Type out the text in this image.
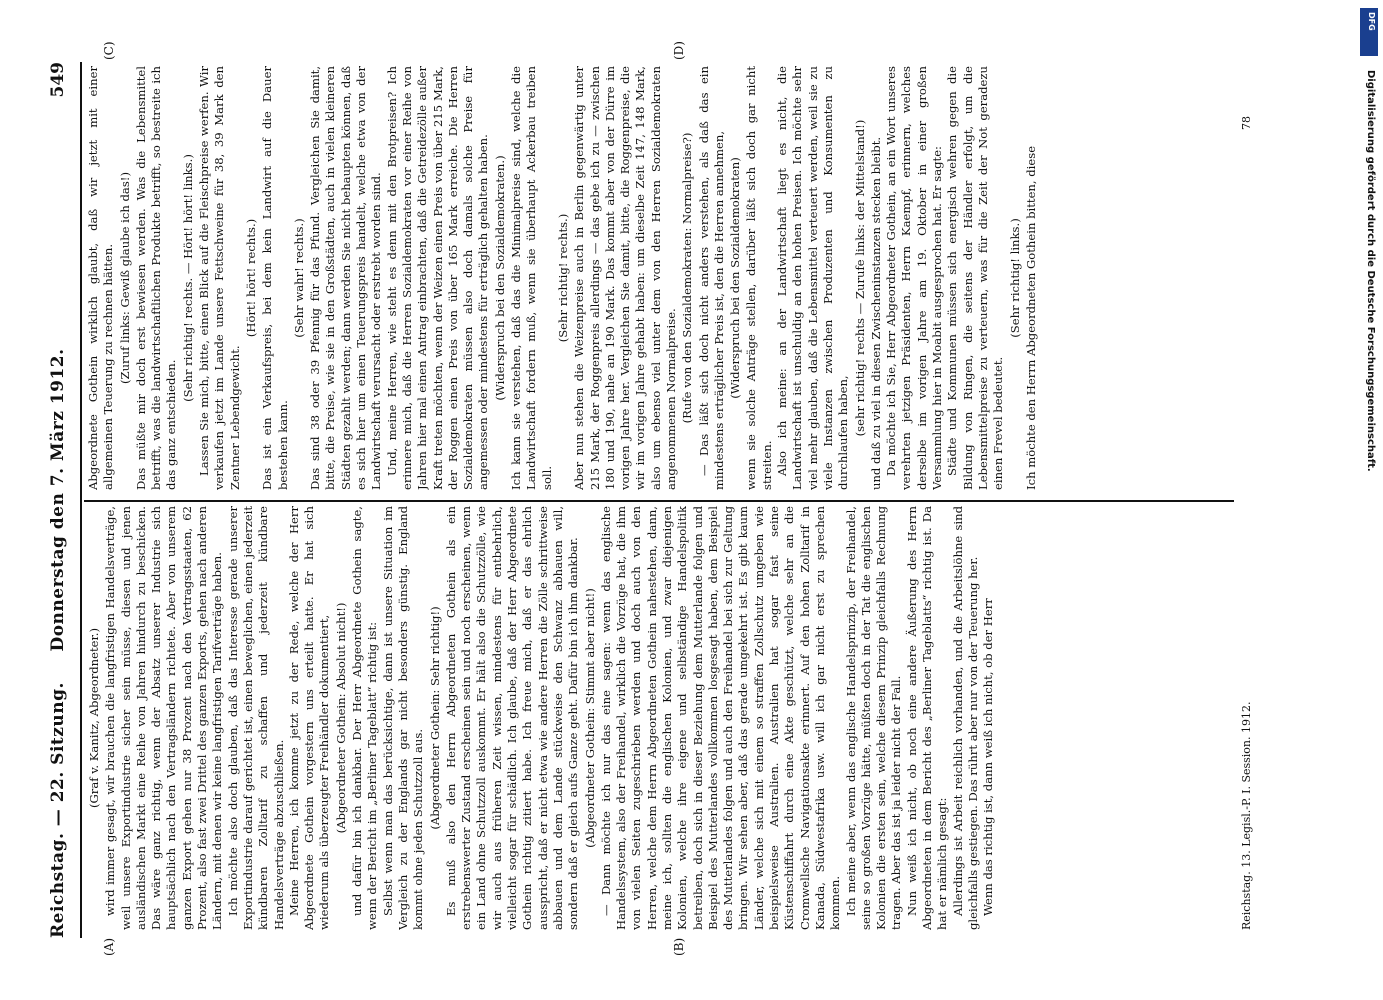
Reichstag. — 22. Sitzung.
Donnerstag den 7. März 1912.
549
(A)	(B)
(C)	(D)

(Graf v. Kanitz, Abgeordneter.) wird immer gesagt, wir brauchen die langfristigen Handelsverträge, weil unsere Exportindustrie sicher sein müsse, diesen und jenen ausländischen Markt eine Reihe von Jahren hindurch zu beschicken. Das wäre ganz richtig, wenn der Absatz unserer Industrie sich hauptsächlich nach den Vertragsländern richtete. Aber von unserem ganzen Export gehen nur 38 Prozent nach den Vertragsstaaten, 62 Prozent, also fast zwei Drittel des ganzen Exports, gehen nach anderen Ländern, mit denen wir keine langfristigen Tarifverträge haben. Ich möchte also doch glauben, daß das Interesse gerade unserer Exportindustrie darauf gerichtet ist, einen beweglichen, einen jederzeit kündbaren Zolltarif zu schaffen und jederzeit kündbare Handelsverträge abzuschließen. Meine Herren, ich komme jetzt zu der Rede, welche der Herr Abgeordnete Gothein vorgestern uns erteilt hatte. Er hat sich wiederum als überzeugter Freihändler dokumentiert, (Abgeordneter Gothein: Absolut nicht!) und dafür bin ich dankbar. Der Herr Abgeordnete Gothein sagte, wenn der Bericht im „Berliner Tageblatt“ richtig ist: Selbst wenn man das berücksichtige, dann ist unsere Situation im Vergleich zu der Englands gar nicht besonders günstig. England kommt ohne jeden Schutzzoll aus. (Abgeordneter Gothein: Sehr richtig!) Es muß also den Herrn Abgeordneten Gothein als ein erstrebenswerter Zustand erscheinen sein und noch erscheinen, wenn ein Land ohne Schutzzoll auskommt. Er hält also die Schutzzölle, wie wir auch aus früheren Zeit wissen, mindestens für entbehrlich, vielleicht sogar für schädlich. Ich glaube, daß der Herr Abgeordnete Gothein richtig zitiert habe. Ich freue mich, daß er das ehrlich ausspricht, daß er nicht etwa wie andere Herren die Zölle schrittweise abbauen und dem Lande stückweise den Schwanz abhauen will, sondern daß er gleich aufs Ganze geht. Dafür bin ich ihm dankbar. (Abgeordneter Gothein: Stimmt aber nicht!) — Dann möchte ich nur das eine sagen: wenn das englische Handelssystem, also der Freihandel, wirklich die Vorzüge hat, die ihm von vielen Seiten zugeschrieben werden und doch auch von den Herren, welche dem Herrn Abgeordneten Gothein nahestehen, dann, meine ich, sollten die englischen Kolonien, und zwar diejenigen Kolonien, welche ihre eigene und selbständige Handelspolitik betreiben, doch sich in dieser Beziehung dem Mutterlande folgen und Beispiel des Mutterlandes vollkommen losgesagt haben, dem Beispiel des Mutterlandes folgen und auch den Freihandel bei sich zur Geltung bringen. Wir sehen aber, daß das gerade umgekehrt ist. Es gibt kaum Länder, welche sich mit einem so straffen Zollschutz umgeben wie beispielsweise Australien. Australien hat sogar fast seine Küstenschiffahrt durch eine Akte geschützt, welche sehr an die Cromwellsche Navigationsakte erinnert. Auf den hohen Zolltarif in Kanada, Südwestafrika usw. will ich gar nicht erst zu sprechen kommen. Ich meine aber, wenn das englische Handelsprinzip, der Freihandel, seine so großen Vorzüge hätte, müßten doch in der Tat die englischen Kolonien die ersten sein, welche diesem Prinzip gleichfalls Rechnung tragen. Aber das ist ja leider nicht der Fall. Nun weiß ich nicht, ob noch eine andere Äußerung des Herrn Abgeordneten in dem Bericht des „Berliner Tageblatts“ richtig ist. Da hat er nämlich gesagt: Allerdings ist Arbeit reichlich vorhanden, und die Arbeitslöhne sind gleichfalls gestiegen. Das rührt aber nur von der Teuerung her. Wenn das richtig ist, dann weiß ich nicht, ob der Herr

Abgeordnete Gothein wirklich glaubt, daß wir jetzt mit einer allgemeinen Teuerung zu rechnen hätten. (Zuruf links: Gewiß glaube ich das!) Das müßte mir doch erst bewiesen werden. Was die Lebensmittel betrifft, was die landwirtschaftlichen Produkte betrifft, so bestreite ich das ganz entschieden.

(Sehr richtig! rechts. — Hört! hört! links.) Lassen Sie mich, bitte, einen Blick auf die Fleischpreise werfen. Wir verkaufen jetzt im Lande unsere Fettschweine für 38, 39 Mark den Zentner Lebendgewicht.

(Hört! hört! rechts.) Das ist ein Verkaufspreis, bei dem kein Landwirt auf die Dauer bestehen kann.

(Sehr wahr! rechts.) Das sind 38 oder 39 Pfennig für das Pfund. Vergleichen Sie damit, bitte, die Preise, wie sie in den Großstädten, auch in vielen kleineren Städten gezahlt werden; dann werden Sie nicht behaupten können, daß es sich hier um einen Teuerungspreis handelt, welche etwa von der Landwirtschaft verursacht oder erstrebt worden sind. Und, meine Herren, wie steht es denn mit den Brotpreisen? Ich erinnere mich, daß die Herren Sozialdemokraten vor einer Reihe von Jahren hier mal einen Antrag einbrachten, daß die Getreidezölle außer Kraft treten möchten, wenn der Weizen einen Preis von über 215 Mark, der Roggen einen Preis von über 165 Mark erreiche. Die Herren Sozialdemokraten müssen also doch damals solche Preise für angemessen oder mindestens für erträglich gehalten haben. (Widerspruch bei den Sozialdemokraten.) Ich kann sie verstehen, daß das die Minimalpreise sind, welche die Landwirtschaft fordern muß, wenn sie überhaupt Ackerbau treiben soll.

(Sehr richtig! rechts.) Aber nun stehen die Weizenpreise auch in Berlin gegenwärtig unter 215 Mark, der Roggenpreis allerdings — das gebe ich zu — zwischen 180 und 190, nahe an 190 Mark. Das kommt aber von der Dürre im vorigen Jahre her. Vergleichen Sie damit, bitte, die Roggenpreise, die wir im vorigen Jahre gehabt haben: um dieselbe Zeit 147, 148 Mark, also um ebenso viel unter dem von den Herren Sozialdemokraten angenommenen Normalpreise. (Rufe von den Sozialdemokraten: Normalpreise?) — Das läßt sich doch nicht anders verstehen, als daß das ein mindestens erträglicher Preis ist, den die Herren annehmen, (Widerspruch bei den Sozialdemokraten) wenn sie solche Anträge stellen, darüber läßt sich doch gar nicht streiten. Also ich meine: an der Landwirtschaft liegt es nicht, die Landwirtschaft ist unschuldig an den hohen Preisen. Ich möchte sehr viel mehr glauben, daß die Lebensmittel verteuert werden, weil sie zu viele Instanzen zwischen Produzenten und Konsumenten zu durchlaufen haben, (sehr richtig! rechts — Zurufe links: der Mittelstand!) und daß zu viel in diesen Zwischeninstanzen stecken bleibt. Da möchte ich Sie, Herr Abgeordneter Gothein, an ein Wort unseres verehrten jetzigen Präsidenten, Herrn Kaempf, erinnern, welches derselbe im vorigen Jahre am 19. Oktober in einer großen Versammlung hier in Moabit ausgesprochen hat. Er sagte: Städte und Kommunen müssen sich energisch wehren gegen die Bildung von Ringen, die seitens der Händler erfolgt, um die Lebensmittelpreise zu verteuern, was für die Zeit der Not geradezu einen Frevel bedeutet.

(Sehr richtig! links.) Ich möchte den Herrn Abgeordneten Gothein bitten, diese

Reichstag. 13. Legisl.-P. I. Session. 1912.
78	Digitalisierung gefördert durch die Deutsche Forschungsgemeinschaft.
DFG
